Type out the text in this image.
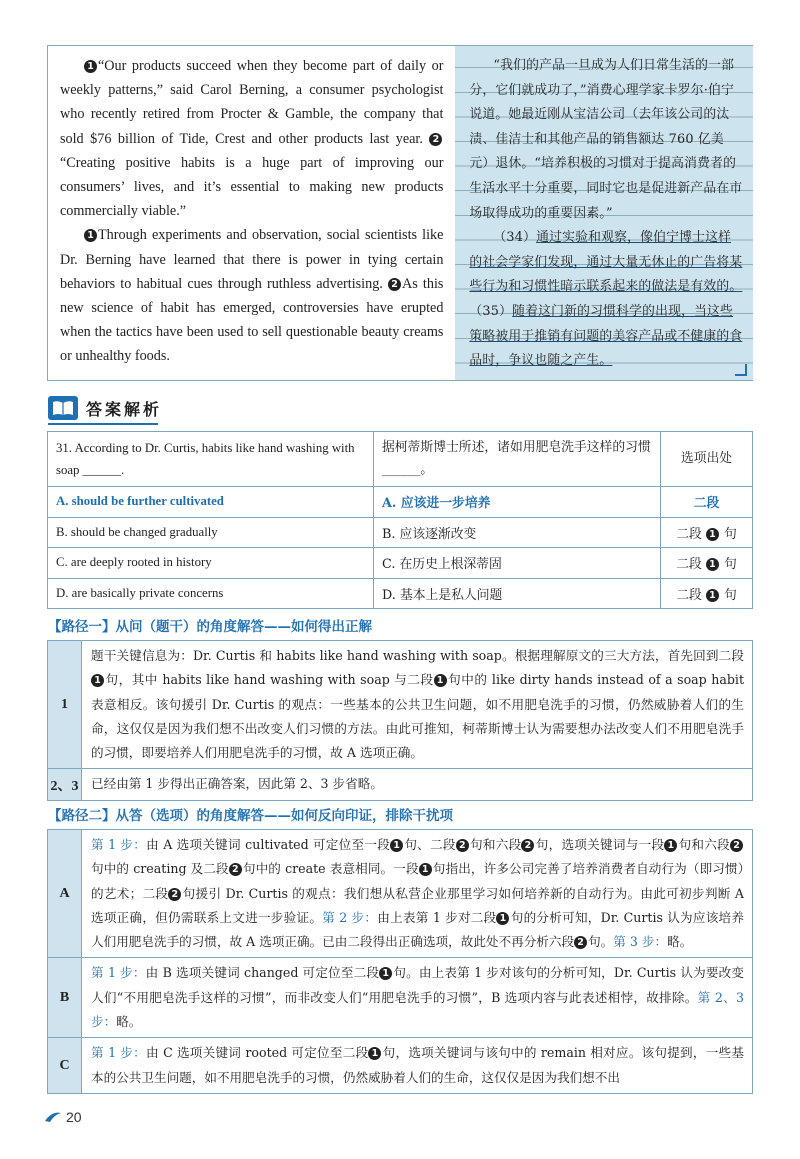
1 “Our products succeed when they become part of daily or weekly patterns,” said Carol Berning, a consumer psychologist who recently retired from Procter & Gamble, the company that sold $76 billion of Tide, Crest and other products last year. 2“Creating positive habits is a huge part of improving our consumers’ lives, and it’s essential to making new products commercially viable.”

1 Through experiments and observation, social scientists like Dr. Berning have learned that there is power in tying certain behaviors to habitual cues through ruthless advertising. 2 As this new science of habit has emerged, controversies have erupted when the tactics have been used to sell questionable beauty creams or unhealthy foods.

“我们的产品一旦成为人们日常生活的一部分，它们就成功了，”消费心理学家卡罗尔·伯宁说道。她最近刚从宝洁公司（去年该公司的汰渍、佳洁士和其他产品的销售额达 760 亿美元）退休。“培养积极的习惯对于提高消费者的生活水平十分重要，同时它也是促进新产品在市场取得成功的重要因素。”

（34）通过实验和观察，像伯宁博士这样的社会学家们发现，通过大量无休止的广告将某些行为和习惯性暗示联系起来的做法是有效的。（35）随着这门新的习惯科学的出现，当这些策略被用于推销有问题的美容产品或不健康的食品时，争议也随之产生。

答案解析
31. According to Dr. Curtis, habits like hand washing with soap ______.	据柯蒂斯博士所述，诸如用肥皂洗手这样的习惯______。	选项出处
A. should be further cultivated	A. 应该进一步培养	二段
B. should be changed gradually	B. 应该逐渐改变	二段 1 句
C. are deeply rooted in history	C. 在历史上根深蒂固	二段 1 句
D. are basically private concerns	D. 基本上是私人问题	二段 1 句
【路径一】从问（题干）的角度解答——如何得出正解
1	题干关键信息为：Dr. Curtis 和 habits like hand washing with soap。根据理解原文的三大方法，首先回到二段1 句，其中 habits like hand washing with soap 与二段 1 句中的 like dirty hands instead of a soap habit 表意相反。该句援引 Dr. Curtis 的观点：一些基本的公共卫生问题，如不用肥皂洗手的习惯，仍然威胁着人们的生命，这仅仅是因为我们想不出改变人们习惯的方法。由此可推知，柯蒂斯博士认为需要想办法改变人们不用肥皂洗手的习惯，即要培养人们用肥皂洗手的习惯，故 A 选项正确。
2、3	已经由第 1 步得出正确答案，因此第 2、3 步省略。
【路径二】从答（选项）的角度解答——如何反向印证，排除干扰项
A	第 1 步：由 A 选项关键词 cultivated 可定位至一段 1 句、二段 2 句和六段 2 句，选项关键词与一段 1 句和六段 2句中的 creating 及二段 2 句中的 create 表意相同。一段 1 句指出，许多公司完善了培养消费者自动行为（即习惯）的艺术；二段 2 句援引 Dr. Curtis 的观点：我们想从私营企业那里学习如何培养新的自动行为。由此可初步判断 A 选项正确，但仍需联系上文进一步验证。第 2 步：由上表第 1 步对二段 1 句的分析可知，Dr. Curtis 认为应该培养人们用肥皂洗手的习惯，故 A 选项正确。已由二段得出正确选项，故此处不再分析六段 2 句。第 3 步：略。
B	第 1 步：由 B 选项关键词 changed 可定位至二段 1 句。由上表第 1 步对该句的分析可知，Dr. Curtis 认为要改变人们“不用肥皂洗手这样的习惯”，而非改变人们“用肥皂洗手的习惯”，B 选项内容与此表述相悖，故排除。第 2、3 步：略。
C	第 1 步：由 C 选项关键词 rooted 可定位至二段 1 句，选项关键词与该句中的 remain 相对应。该句提到，一些基本的公共卫生问题，如不用肥皂洗手的习惯，仍然威胁着人们的生命，这仅仅是因为我们想不出
20
